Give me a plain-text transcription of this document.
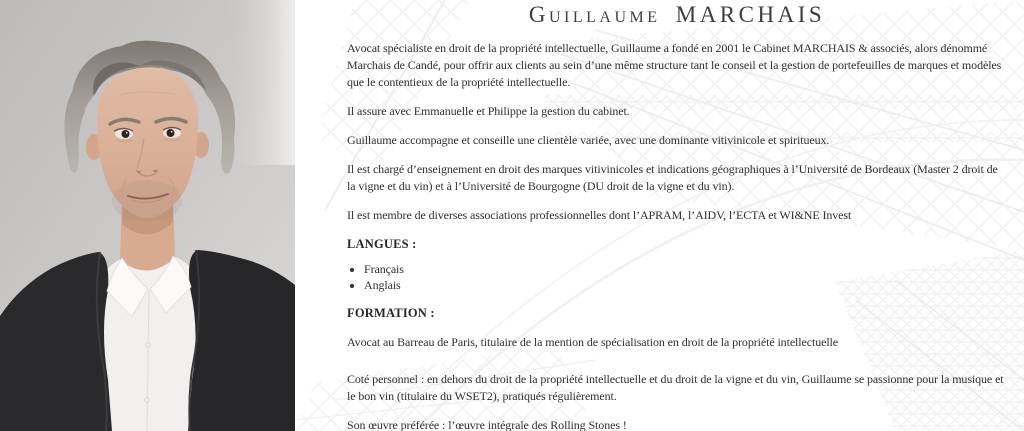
Guillaume MARCHAIS

Avocat spécialiste en droit de la propriété intellectuelle, Guillaume a fondé en 2001 le Cabinet MARCHAIS & associés, alors dénommé Marchais de Candé, pour offrir aux clients au sein d’une même structure tant le conseil et la gestion de portefeuilles de marques et modèles que le contentieux de la propriété intellectuelle.

Il assure avec Emmanuelle et Philippe la gestion du cabinet.

Guillaume accompagne et conseille une clientèle variée, avec une dominante vitivinicole et spiritueux.

Il est chargé d’enseignement en droit des marques vitivinicoles et indications géographiques à l’Université de Bordeaux (Master 2 droit de la vigne et du vin) et à l’Université de Bourgogne (DU droit de la vigne et du vin).

Il est membre de diverses associations professionnelles dont l’APRAM, l’AIDV, l’ECTA et WI&NE Invest

LANGUES :
• Français
• Anglais
FORMATION :

Avocat au Barreau de Paris, titulaire de la mention de spécialisation en droit de la propriété intellectuelle

Coté personnel : en dehors du droit de la propriété intellectuelle et du droit de la vigne et du vin, Guillaume se passionne pour la musique et le bon vin (titulaire du WSET2), pratiqués régulièrement.

Son œuvre préférée : l’œuvre intégrale des Rolling Stones !
